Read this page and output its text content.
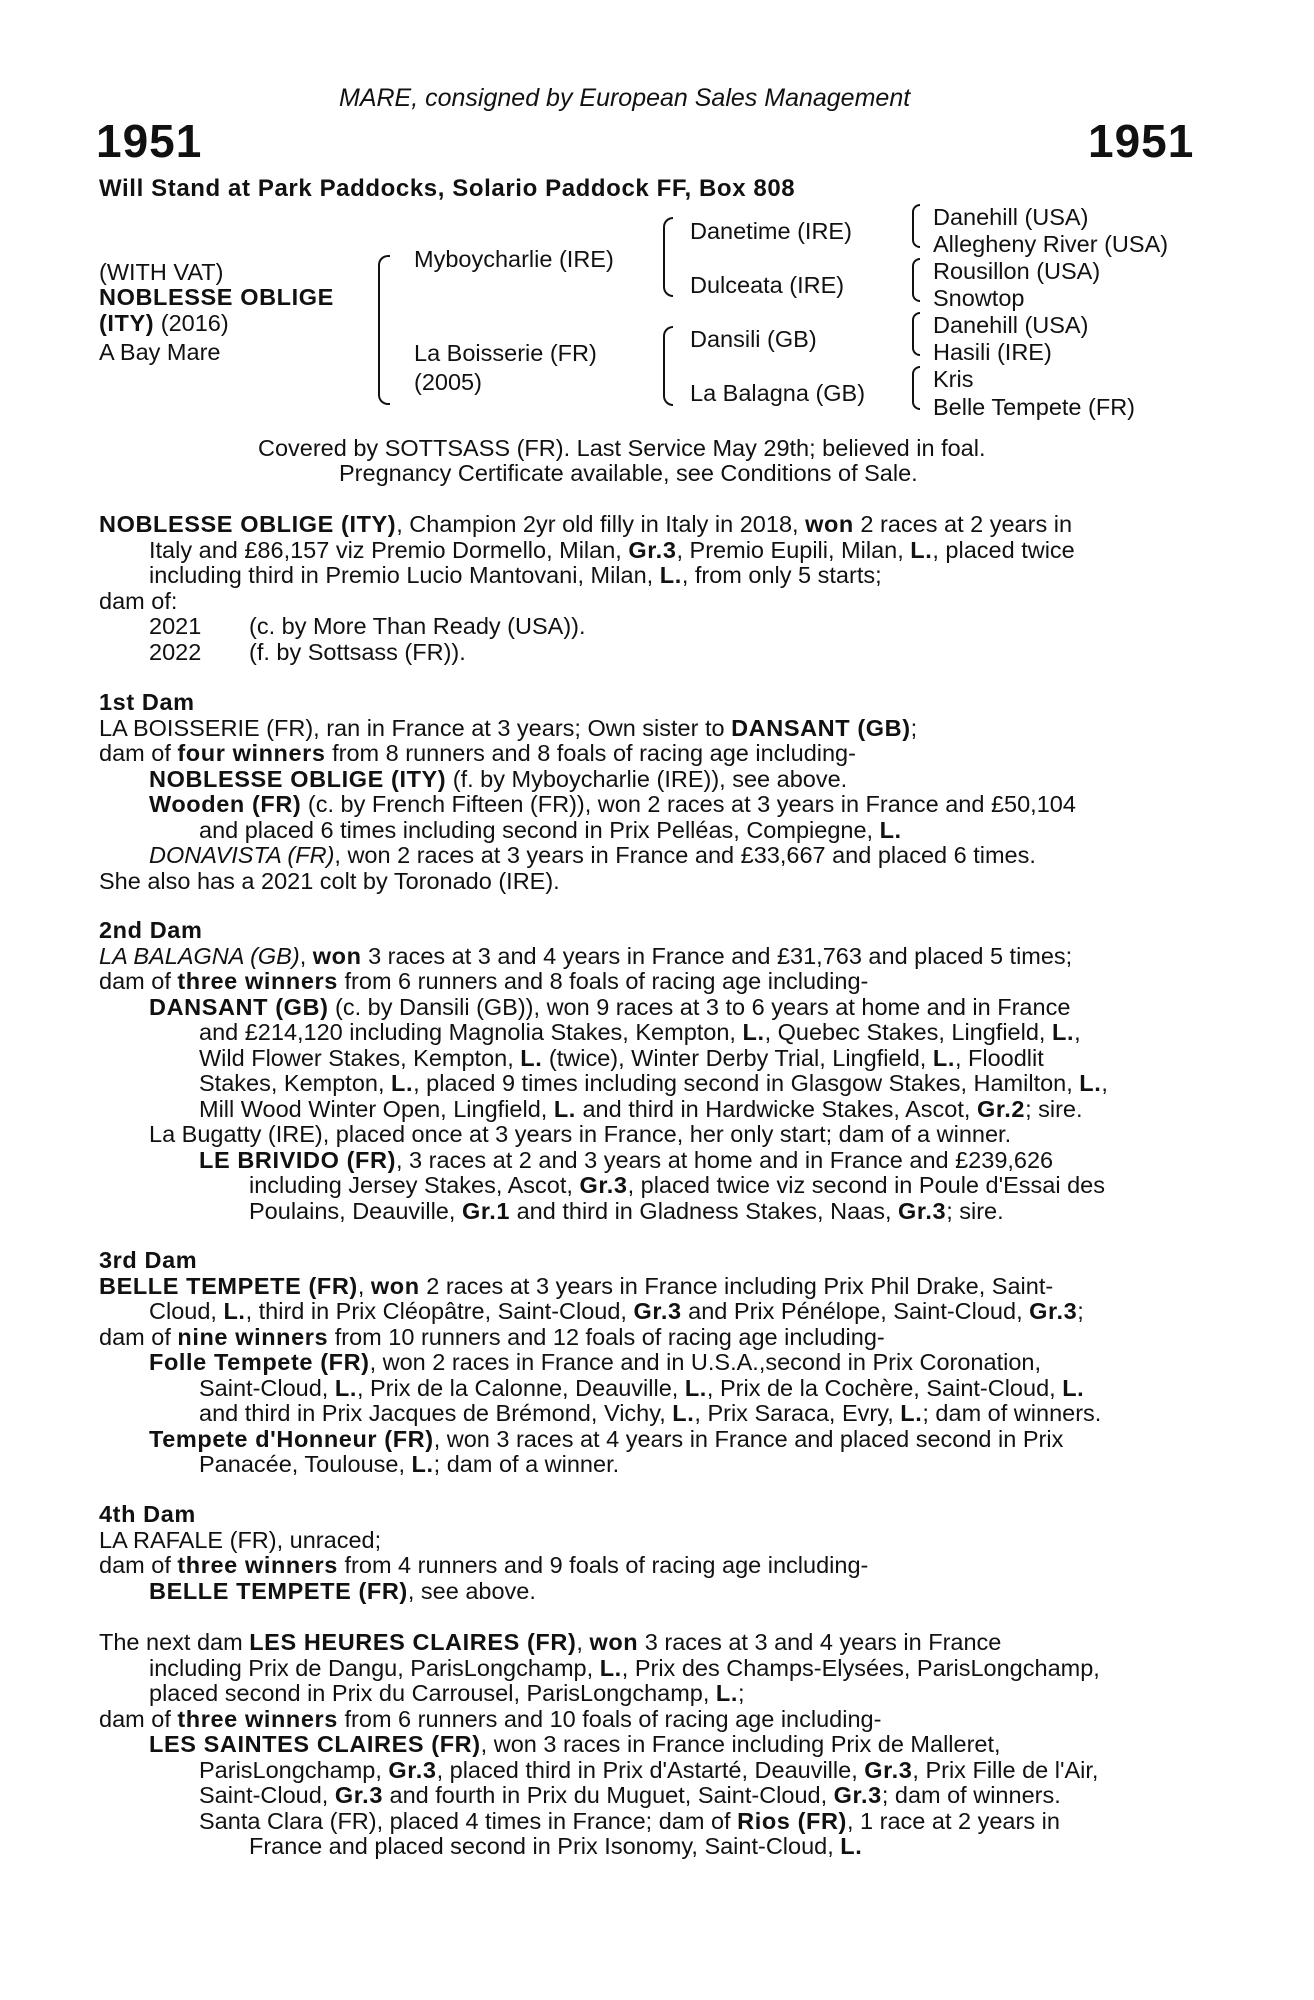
MARE, consigned by European Sales Management
1951	1951
Will Stand at Park Paddocks, Solario Paddock FF, Box 808
(WITH VAT)
NOBLESSE OBLIGE
(ITY) (2016)
A Bay Mare
Myboycharlie (IRE)
La Boisserie (FR)
(2005)
Danetime (IRE)
Dulceata (IRE)
Dansili (GB)
La Balagna (GB)
Danehill (USA)
Allegheny River (USA)
Rousillon (USA)
Snowtop
Danehill (USA)
Hasili (IRE)
Kris
Belle Tempete (FR)
Covered by SOTTSASS (FR). Last Service May 29th; believed in foal.
Pregnancy Certificate available, see Conditions of Sale.
NOBLESSE OBLIGE (ITY), Champion 2yr old filly in Italy in 2018, won 2 races at 2 years in
Italy and £86,157 viz Premio Dormello, Milan, Gr.3, Premio Eupili, Milan, L., placed twice
including third in Premio Lucio Mantovani, Milan, L., from only 5 starts;
dam of:
2021 (c. by More Than Ready (USA)).
2022 (f. by Sottsass (FR)).
1st Dam
LA BOISSERIE (FR), ran in France at 3 years; Own sister to DANSANT (GB);
dam of four winners from 8 runners and 8 foals of racing age including-
NOBLESSE OBLIGE (ITY) (f. by Myboycharlie (IRE)), see above.
Wooden (FR) (c. by French Fifteen (FR)), won 2 races at 3 years in France and £50,104
and placed 6 times including second in Prix Pelléas, Compiegne, L.
DONAVISTA (FR), won 2 races at 3 years in France and £33,667 and placed 6 times.
She also has a 2021 colt by Toronado (IRE).
2nd Dam
LA BALAGNA (GB), won 3 races at 3 and 4 years in France and £31,763 and placed 5 times;
dam of three winners from 6 runners and 8 foals of racing age including-
DANSANT (GB) (c. by Dansili (GB)), won 9 races at 3 to 6 years at home and in France
and £214,120 including Magnolia Stakes, Kempton, L., Quebec Stakes, Lingfield, L.,
Wild Flower Stakes, Kempton, L. (twice), Winter Derby Trial, Lingfield, L., Floodlit
Stakes, Kempton, L., placed 9 times including second in Glasgow Stakes, Hamilton, L.,
Mill Wood Winter Open, Lingfield, L. and third in Hardwicke Stakes, Ascot, Gr.2; sire.
La Bugatty (IRE), placed once at 3 years in France, her only start; dam of a winner.
LE BRIVIDO (FR), 3 races at 2 and 3 years at home and in France and £239,626
including Jersey Stakes, Ascot, Gr.3, placed twice viz second in Poule d'Essai des
Poulains, Deauville, Gr.1 and third in Gladness Stakes, Naas, Gr.3; sire.
3rd Dam
BELLE TEMPETE (FR), won 2 races at 3 years in France including Prix Phil Drake, Saint-
Cloud, L., third in Prix Cléopâtre, Saint-Cloud, Gr.3 and Prix Pénélope, Saint-Cloud, Gr.3;
dam of nine winners from 10 runners and 12 foals of racing age including-
Folle Tempete (FR), won 2 races in France and in U.S.A.,second in Prix Coronation,
Saint-Cloud, L., Prix de la Calonne, Deauville, L., Prix de la Cochère, Saint-Cloud, L.
and third in Prix Jacques de Brémond, Vichy, L., Prix Saraca, Evry, L.; dam of winners.
Tempete d'Honneur (FR), won 3 races at 4 years in France and placed second in Prix
Panacée, Toulouse, L.; dam of a winner.
4th Dam
LA RAFALE (FR), unraced;
dam of three winners from 4 runners and 9 foals of racing age including-
BELLE TEMPETE (FR), see above.
The next dam LES HEURES CLAIRES (FR), won 3 races at 3 and 4 years in France
including Prix de Dangu, ParisLongchamp, L., Prix des Champs-Elysées, ParisLongchamp,
placed second in Prix du Carrousel, ParisLongchamp, L.;
dam of three winners from 6 runners and 10 foals of racing age including-
LES SAINTES CLAIRES (FR), won 3 races in France including Prix de Malleret,
ParisLongchamp, Gr.3, placed third in Prix d'Astarté, Deauville, Gr.3, Prix Fille de l'Air,
Saint-Cloud, Gr.3 and fourth in Prix du Muguet, Saint-Cloud, Gr.3; dam of winners.
Santa Clara (FR), placed 4 times in France; dam of Rios (FR), 1 race at 2 years in
France and placed second in Prix Isonomy, Saint-Cloud, L.
